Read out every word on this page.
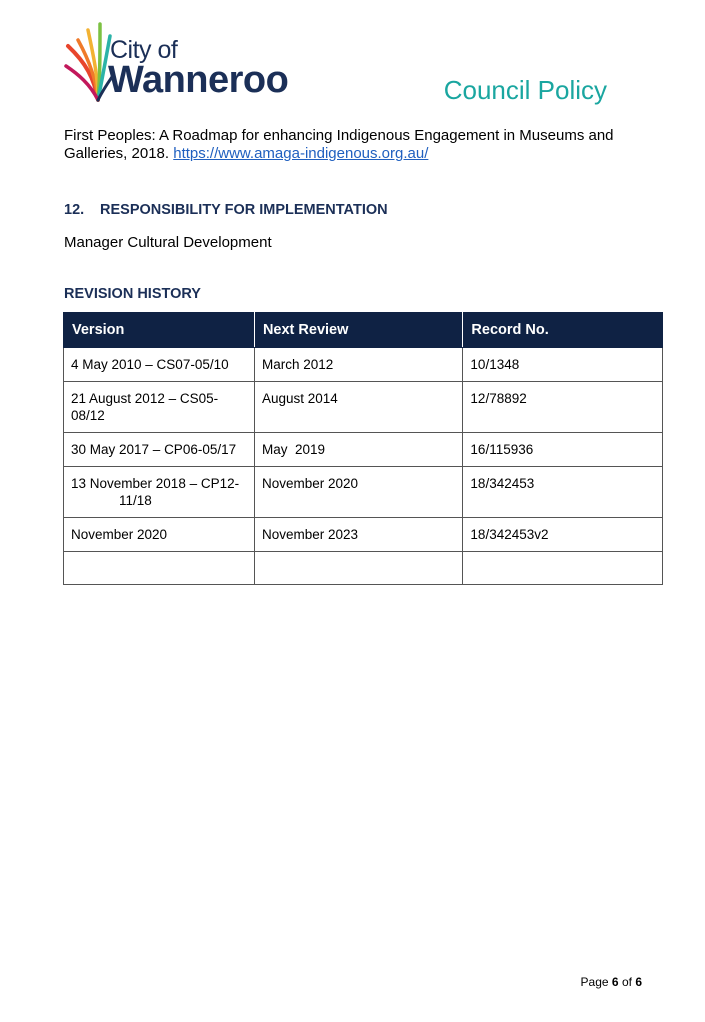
City of
Wanneroo	Council Policy

First Peoples: A Roadmap for enhancing Indigenous Engagement in Museums and Galleries, 2018. https://www.amaga-indigenous.org.au/

12. RESPONSIBILITY FOR IMPLEMENTATION

Manager Cultural Development

REVISION HISTORY
Version	Next Review	Record No.
4 May 2010 – CS07-05/10	March 2012	10/1348
21 August 2012 – CS05-08/12	August 2014	12/78892
30 May 2017 – CP06-05/17	May  2019	16/115936

13 November 2018 – CP12-
11/18	November 2020	18/342453
November 2020	November 2023	18/342453v2

Page 6 of 6
